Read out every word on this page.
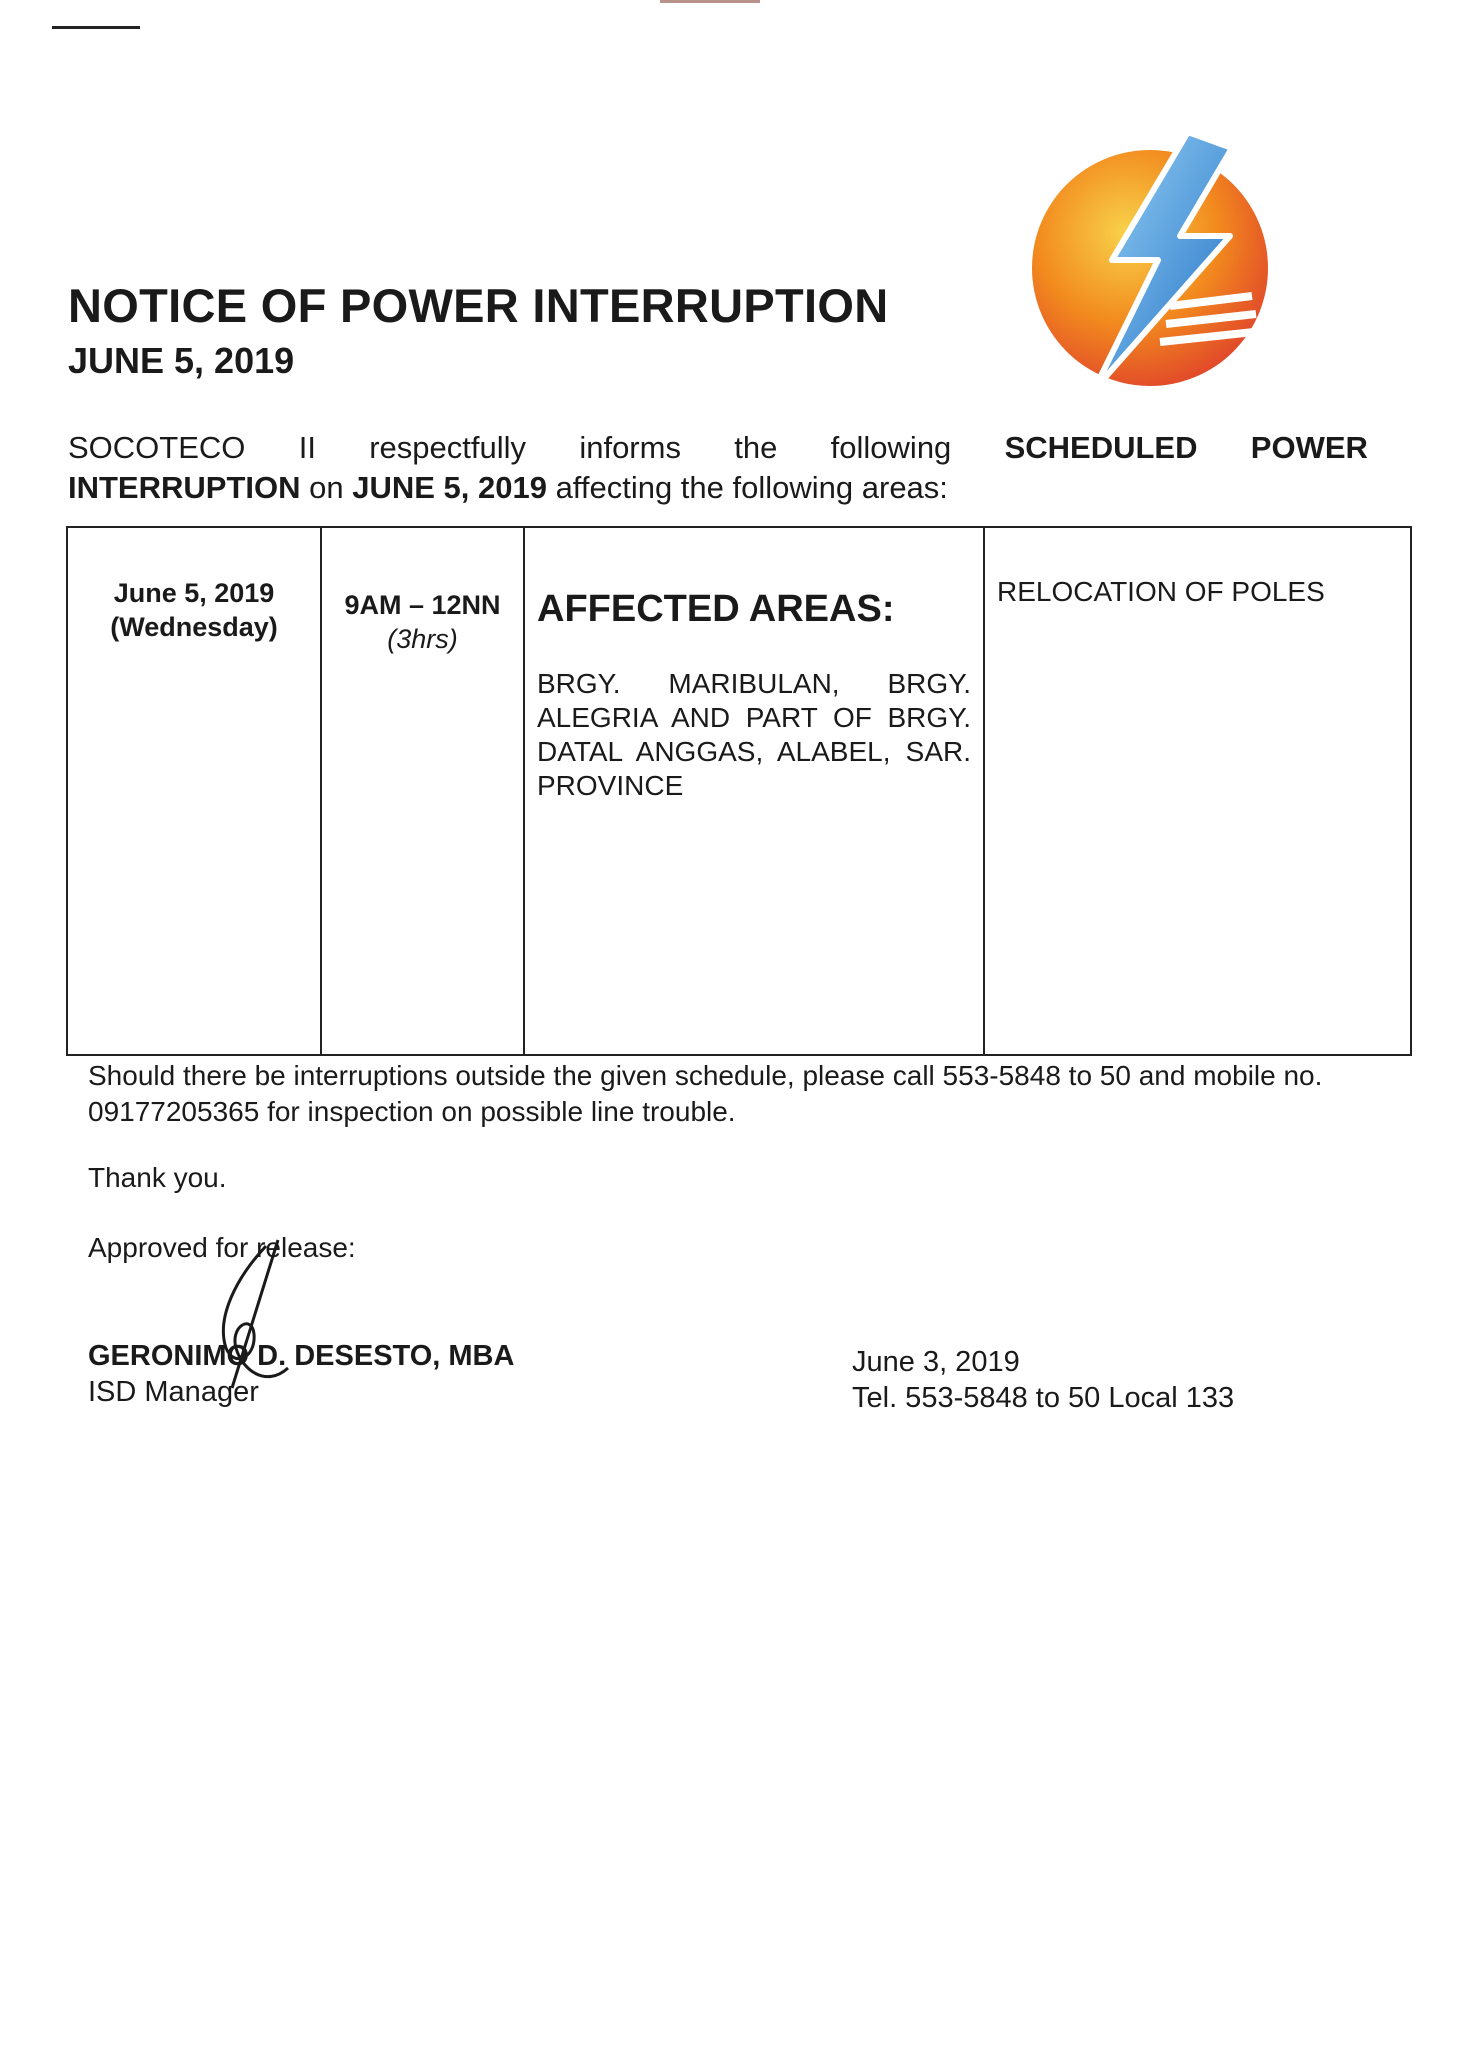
NOTICE OF POWER INTERRUPTION
JUNE 5, 2019
SOCOTECO II respectfully informs the following SCHEDULED POWER
INTERRUPTION on JUNE 5, 2019 affecting the following areas:
June 5, 2019
(Wednesday)

9AM – 12NN
(3hrs)

AFFECTED AREAS:
BRGY. MARIBULAN, BRGY. ALEGRIA AND PART OF BRGY. DATAL ANGGAS, ALABEL, SAR. PROVINCE

RELOCATION OF POLES
Should there be interruptions outside the given schedule, please call 553-5848 to 50 and mobile no. 09177205365 for inspection on possible line trouble.
Thank you.
Approved for release:
GERONIMO D. DESESTO, MBA
ISD Manager
June 3, 2019
Tel. 553-5848 to 50 Local 133
